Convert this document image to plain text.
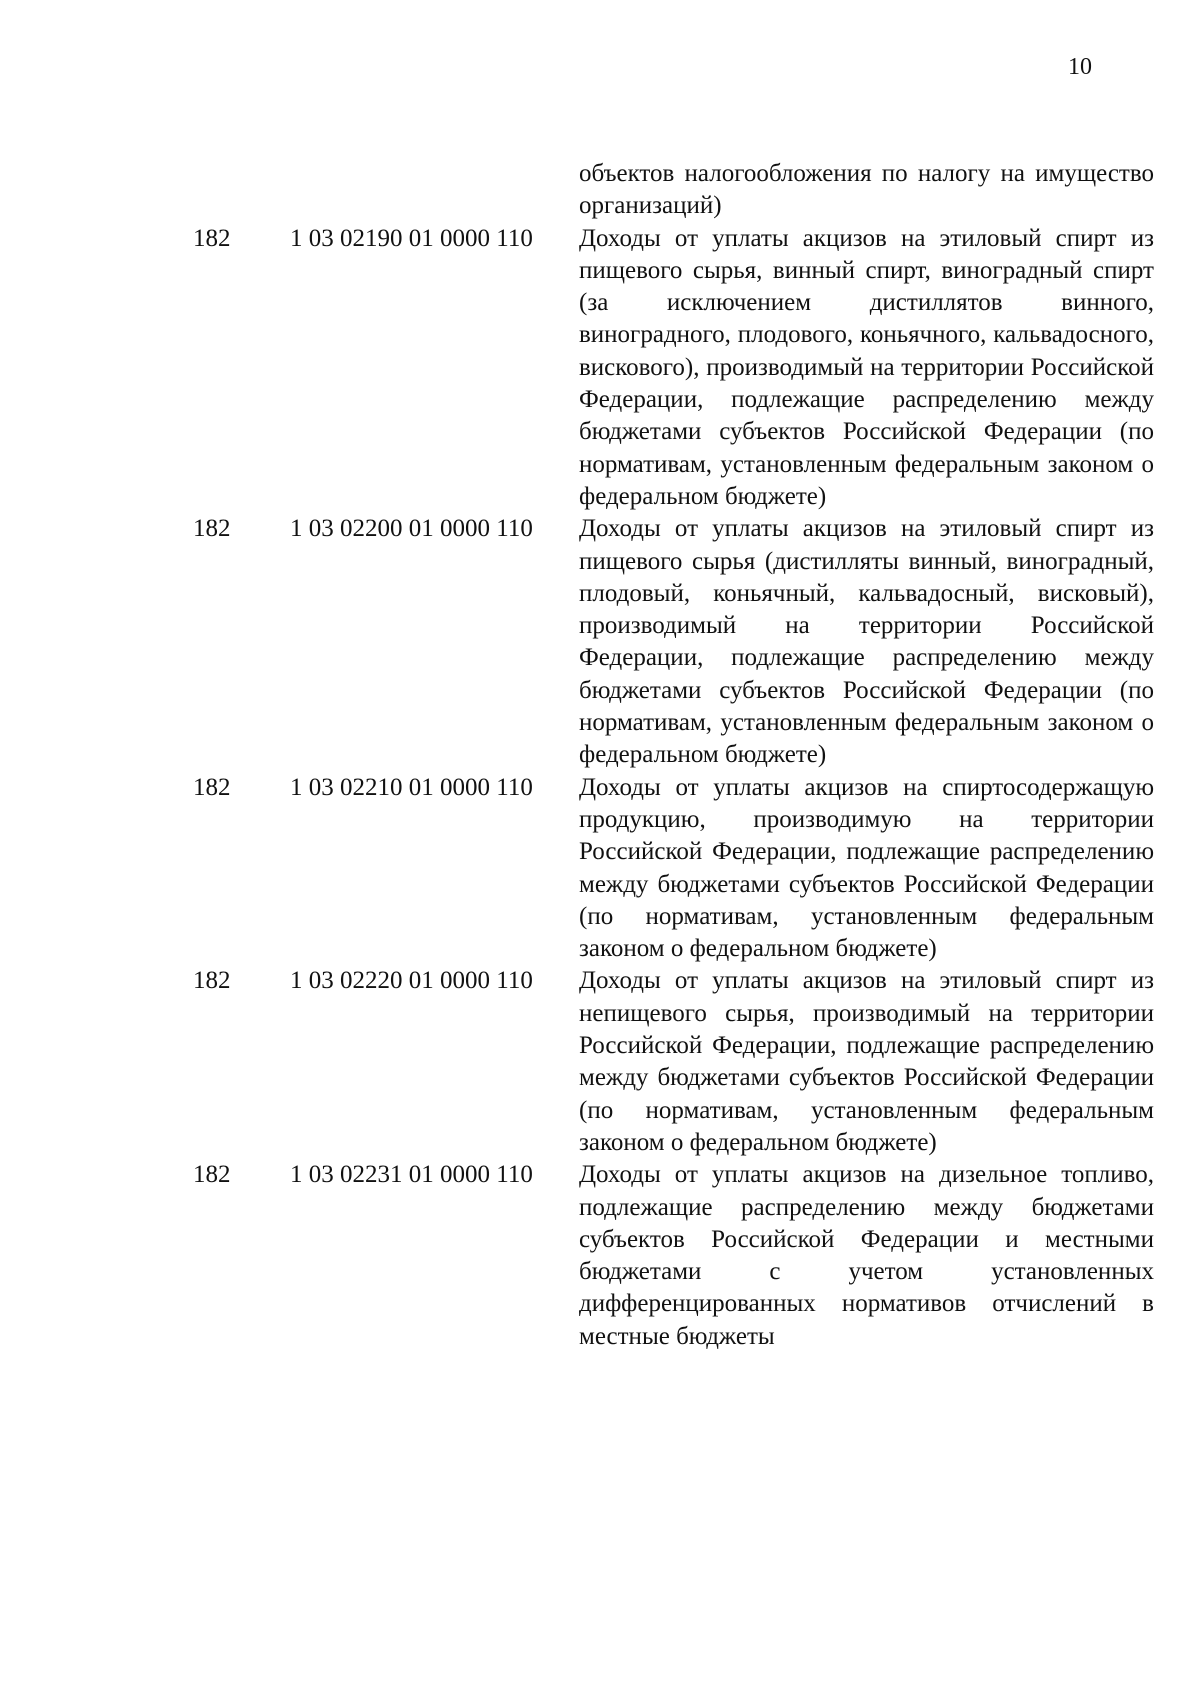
10
объектов налогообложения по налогу на имущество организаций)
182 1 03 02190 01 0000 110 Доходы от уплаты акцизов на этиловый спирт из пищевого сырья, винный спирт, виноградный спирт (за исключением дистиллятов винного, виноградного, плодового, коньячного, кальвадосного, вискового), производимый на территории Российской Федерации, подлежащие распределению между бюджетами субъектов Российской Федерации (по нормативам, установленным федеральным законом о федеральном бюджете)
182 1 03 02200 01 0000 110 Доходы от уплаты акцизов на этиловый спирт из пищевого сырья (дистилляты винный, виноградный, плодовый, коньячный, кальвадосный, висковый), производимый на территории Российской Федерации, подлежащие распределению между бюджетами субъектов Российской Федерации (по нормативам, установленным федеральным законом о федеральном бюджете)
182 1 03 02210 01 0000 110 Доходы от уплаты акцизов на спиртосодержащую продукцию, производимую на территории Российской Федерации, подлежащие распределению между бюджетами субъектов Российской Федерации (по нормативам, установленным федеральным законом о федеральном бюджете)
182 1 03 02220 01 0000 110 Доходы от уплаты акцизов на этиловый спирт из непищевого сырья, производимый на территории Российской Федерации, подлежащие распределению между бюджетами субъектов Российской Федерации (по нормативам, установленным федеральным законом о федеральном бюджете)
182 1 03 02231 01 0000 110 Доходы от уплаты акцизов на дизельное топливо, подлежащие распределению между бюджетами субъектов Российской Федерации и местными бюджетами с учетом установленных дифференцированных нормативов отчислений в местные бюджеты
